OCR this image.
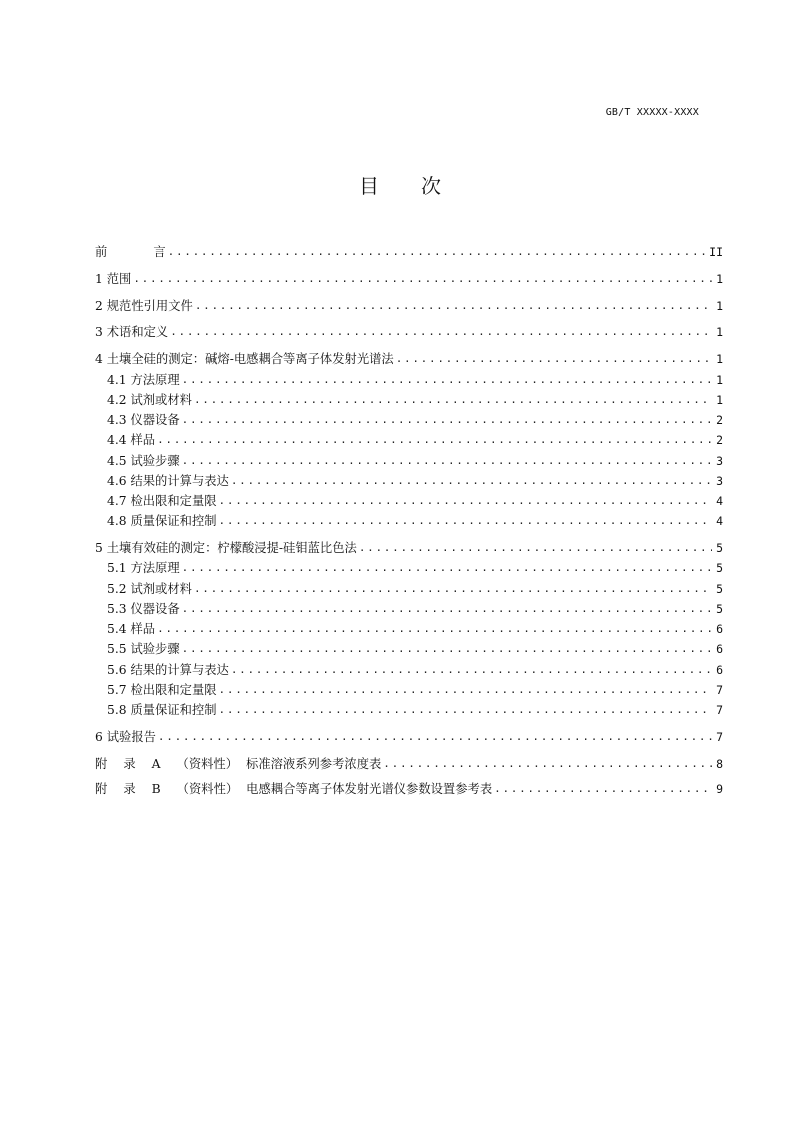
GB/T XXXXX-XXXX
目次
前	言 .....	II
1 范围 .....	1
2 规范性引用文件 .....	1
3 术语和定义 .....	1
4 土壤全硅的测定：碱熔-电感耦合等离子体发射光谱法 .....	1
4.1 方法原理 .....	1
4.2 试剂或材料 .....	1
4.3 仪器设备 .....	2
4.4 样品 .....	2
4.5 试验步骤 .....	3
4.6 结果的计算与表达 .....	3
4.7 检出限和定量限 .....	4
4.8 质量保证和控制 .....	4
5 土壤有效硅的测定：柠檬酸浸提-硅钼蓝比色法 .....	5
5.1 方法原理 .....	5
5.2 试剂或材料 .....	5
5.3 仪器设备 .....	5
5.4 样品 .....	6
5.5 试验步骤 .....	6
5.6 结果的计算与表达 .....	6
5.7 检出限和定量限 .....	7
5.8 质量保证和控制 .....	7
6 试验报告 .....	7
附 录 A （资料性） 标准溶液系列参考浓度表 .....	8
附 录 B （资料性） 电感耦合等离子体发射光谱仪参数设置参考表 .....	9
